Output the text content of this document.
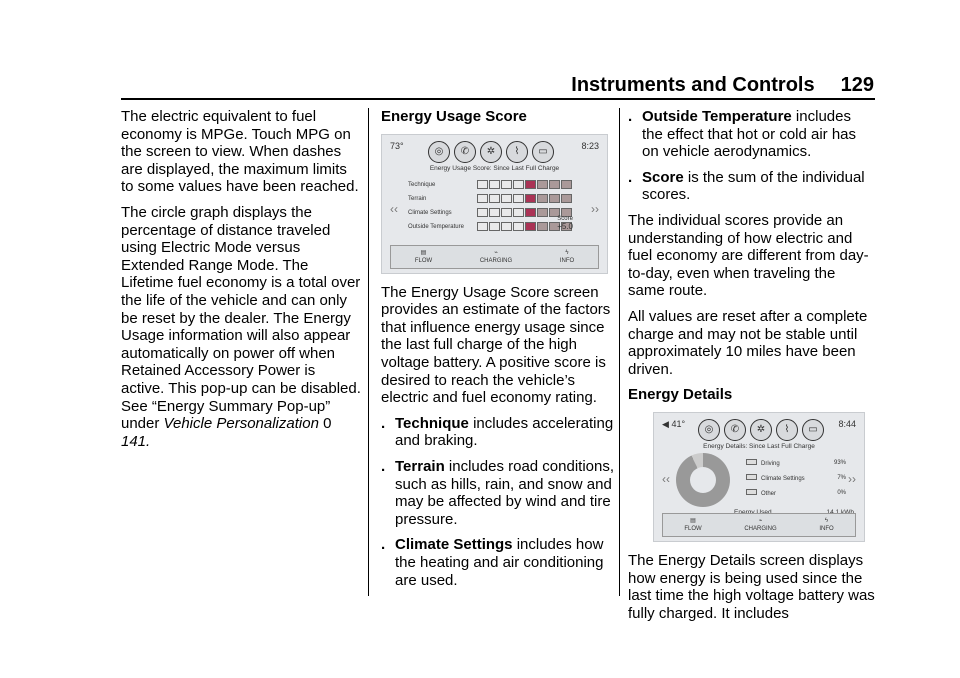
Instruments and Controls 129

The electric equivalent to fuel economy is MPGe. Touch MPG on the screen to view. When dashes are displayed, the maximum limits to some values have been reached.

The circle graph displays the percentage of distance traveled using Electric Mode versus Extended Range Mode. The Lifetime fuel economy is a total over the life of the vehicle and can only be reset by the dealer. The Energy Usage information will also appear automatically on power off when Retained Accessory Power is active. This pop-up can be disabled. See “Energy Summary Pop-up” under Vehicle Personalization 0 141.

Energy Usage Score
73°	◎	✆	✲	⌇	▭	8:23
Energy Usage Score: Since Last Full Charge
‹‹	››
Technique
Terrain
Climate Settings
Outside Temperature
Score
+5.0
▤
FLOW
⌁
CHARGING
ϟ
INFO

The Energy Usage Score screen provides an estimate of the factors that influence energy usage since the last full charge of the high voltage battery. A positive score is desired to reach the vehicle’s electric and fuel economy rating.

. Technique includes accelerating and braking.
. Terrain includes road conditions, such as hills, rain, and snow and may be affected by wind and tire pressure.
. Climate Settings includes how the heating and air conditioning are used.
. Outside Temperature includes the effect that hot or cold air has on vehicle aerodynamics.
. Score is the sum of the individual scores.

The individual scores provide an understanding of how electric and fuel economy are different from day-to-day, even when traveling the same route.

All values are reset after a complete charge and may not be stable until approximately 10 miles have been driven.

Energy Details
◀ 41°	◎	✆	✲	⌇	▭	8:44
Energy Details: Since Last Full Charge
‹‹	››
Driving	93%
Climate Settings	7%
Other	0%
▤
FLOW
⌁
CHARGING
ϟ
INFO

The Energy Details screen displays how energy is being used since the last time the high voltage battery was fully charged. It includes
